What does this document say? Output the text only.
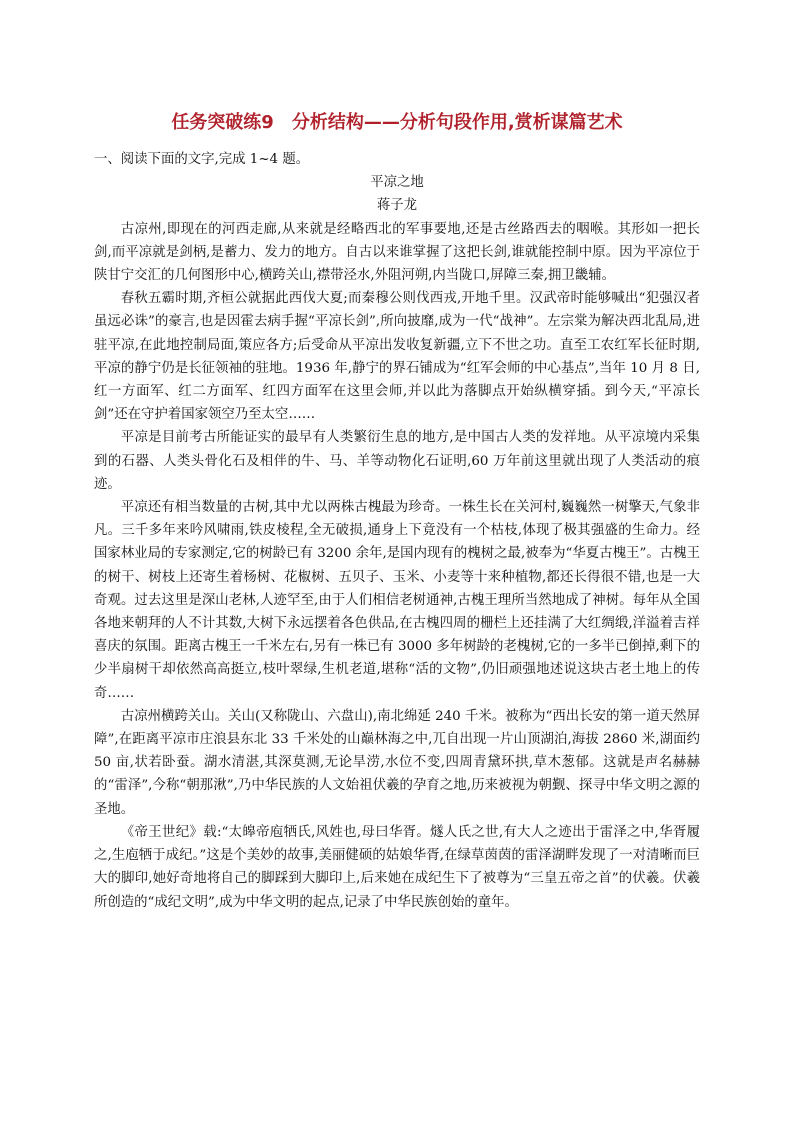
任务突破练9　分析结构——分析句段作用,赏析谋篇艺术

一、阅读下面的文字,完成 1~4 题。

平凉之地

蒋子龙

古凉州,即现在的河西走廊,从来就是经略西北的军事要地,还是古丝路西去的咽喉。其形如一把长剑,而平凉就是剑柄,是蓄力、发力的地方。自古以来谁掌握了这把长剑,谁就能控制中原。因为平凉位于陕甘宁交汇的几何图形中心,横跨关山,襟带泾水,外阻河朔,内当陇口,屏障三秦,拥卫畿辅。

春秋五霸时期,齐桓公就据此西伐大夏;而秦穆公则伐西戎,开地千里。汉武帝时能够喊出“犯强汉者虽远必诛”的豪言,也是因霍去病手握“平凉长剑”,所向披靡,成为一代“战神”。左宗棠为解决西北乱局,进驻平凉,在此地控制局面,策应各方;后受命从平凉出发收复新疆,立下不世之功。直至工农红军长征时期,平凉的静宁仍是长征领袖的驻地。1936 年,静宁的界石铺成为“红军会师的中心基点”,当年 10 月 8 日,红一方面军、红二方面军、红四方面军在这里会师,并以此为落脚点开始纵横穿插。到今天,“平凉长剑”还在守护着国家领空乃至太空……

平凉是目前考古所能证实的最早有人类繁衍生息的地方,是中国古人类的发祥地。从平凉境内采集到的石器、人类头骨化石及相伴的牛、马、羊等动物化石证明,60 万年前这里就出现了人类活动的痕迹。

平凉还有相当数量的古树,其中尤以两株古槐最为珍奇。一株生长在关河村,巍巍然一树擎天,气象非凡。三千多年来吟风啸雨,铁皮棱程,全无破损,通身上下竟没有一个枯枝,体现了极其强盛的生命力。经国家林业局的专家测定,它的树龄已有 3200 余年,是国内现有的槐树之最,被奉为“华夏古槐王”。古槐王的树干、树枝上还寄生着杨树、花椒树、五贝子、玉米、小麦等十来种植物,都还长得很不错,也是一大奇观。过去这里是深山老林,人迹罕至,由于人们相信老树通神,古槐王理所当然地成了神树。每年从全国各地来朝拜的人不计其数,大树下永远摆着各色供品,在古槐四周的栅栏上还挂满了大红绸缎,洋溢着吉祥喜庆的氛围。距离古槐王一千米左右,另有一株已有 3000 多年树龄的老槐树,它的一多半已倒掉,剩下的少半扇树干却依然高高挺立,枝叶翠绿,生机老道,堪称“活的文物”,仍旧顽强地述说这块古老土地上的传奇……

古凉州横跨关山。关山(又称陇山、六盘山),南北绵延 240 千米。被称为“西出长安的第一道天然屏障”,在距离平凉市庄浪县东北 33 千米处的山巅林海之中,兀自出现一片山顶湖泊,海拔 2860 米,湖面约 50 亩,状若卧蚕。湖水清湛,其深莫测,无论旱涝,水位不变,四周青黛环拱,草木葱郁。这就是声名赫赫的“雷泽”,今称“朝那湫”,乃中华民族的人文始祖伏羲的孕育之地,历来被视为朝觐、探寻中华文明之源的圣地。

《帝王世纪》载:“太皞帝庖牺氏,风姓也,母曰华胥。燧人氏之世,有大人之迹出于雷泽之中,华胥履之,生庖牺于成纪。”这是个美妙的故事,美丽健硕的姑娘华胥,在绿草茵茵的雷泽湖畔发现了一对清晰而巨大的脚印,她好奇地将自己的脚踩到大脚印上,后来她在成纪生下了被尊为“三皇五帝之首”的伏羲。伏羲所创造的“成纪文明”,成为中华文明的起点,记录了中华民族创始的童年。
